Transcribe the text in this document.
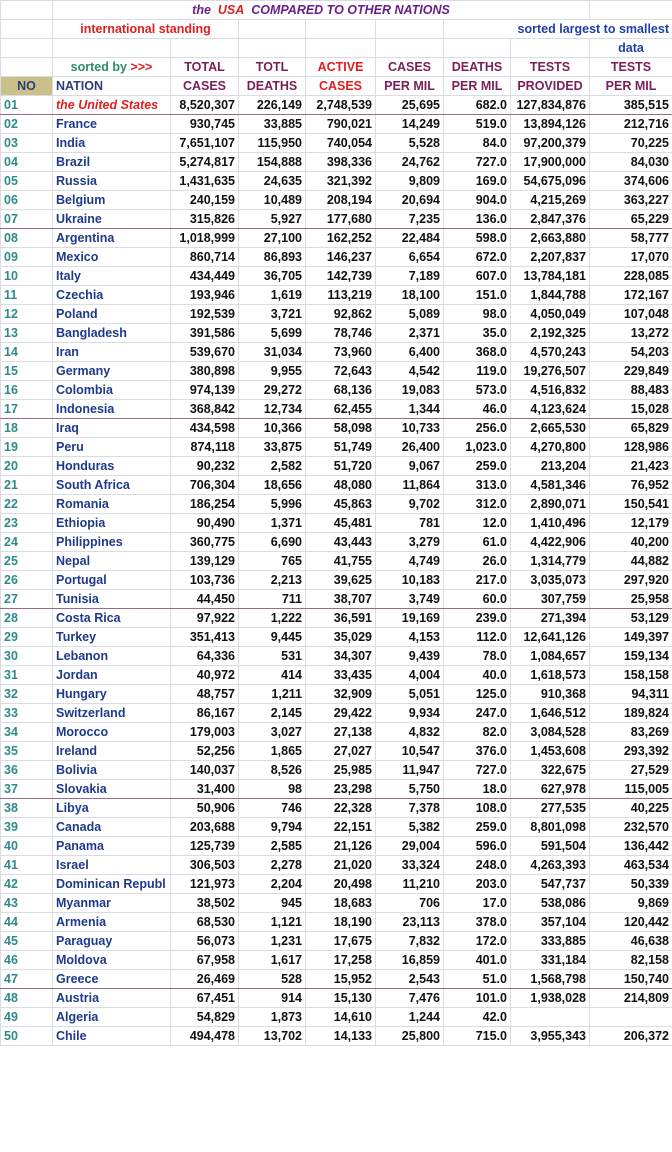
	the USA COMPARED TO OTHER NATIONS							
	international standing					sorted largest to smallest		
								data
	sorted by >>>	TOTAL	TOTL	ACTIVE	CASES	DEATHS	TESTS	TESTS
NO	NATION	CASES	DEATHS	CASES	PER MIL	PER MIL	PROVIDED	PER MIL
01	the United States	8,520,307	226,149	2,748,539	25,695	682.0	127,834,876	385,515
02	France	930,745	33,885	790,021	14,249	519.0	13,894,126	212,716
03	India	7,651,107	115,950	740,054	5,528	84.0	97,200,379	70,225
04	Brazil	5,274,817	154,888	398,336	24,762	727.0	17,900,000	84,030
05	Russia	1,431,635	24,635	321,392	9,809	169.0	54,675,096	374,606
06	Belgium	240,159	10,489	208,194	20,694	904.0	4,215,269	363,227
07	Ukraine	315,826	5,927	177,680	7,235	136.0	2,847,376	65,229
08	Argentina	1,018,999	27,100	162,252	22,484	598.0	2,663,880	58,777
09	Mexico	860,714	86,893	146,237	6,654	672.0	2,207,837	17,070
10	Italy	434,449	36,705	142,739	7,189	607.0	13,784,181	228,085
11	Czechia	193,946	1,619	113,219	18,100	151.0	1,844,788	172,167
12	Poland	192,539	3,721	92,862	5,089	98.0	4,050,049	107,048
13	Bangladesh	391,586	5,699	78,746	2,371	35.0	2,192,325	13,272
14	Iran	539,670	31,034	73,960	6,400	368.0	4,570,243	54,203
15	Germany	380,898	9,955	72,643	4,542	119.0	19,276,507	229,849
16	Colombia	974,139	29,272	68,136	19,083	573.0	4,516,832	88,483
17	Indonesia	368,842	12,734	62,455	1,344	46.0	4,123,624	15,028
18	Iraq	434,598	10,366	58,098	10,733	256.0	2,665,530	65,829
19	Peru	874,118	33,875	51,749	26,400	1,023.0	4,270,800	128,986
20	Honduras	90,232	2,582	51,720	9,067	259.0	213,204	21,423
21	South Africa	706,304	18,656	48,080	11,864	313.0	4,581,346	76,952
22	Romania	186,254	5,996	45,863	9,702	312.0	2,890,071	150,541
23	Ethiopia	90,490	1,371	45,481	781	12.0	1,410,496	12,179
24	Philippines	360,775	6,690	43,443	3,279	61.0	4,422,906	40,200
25	Nepal	139,129	765	41,755	4,749	26.0	1,314,779	44,882
26	Portugal	103,736	2,213	39,625	10,183	217.0	3,035,073	297,920
27	Tunisia	44,450	711	38,707	3,749	60.0	307,759	25,958
28	Costa Rica	97,922	1,222	36,591	19,169	239.0	271,394	53,129
29	Turkey	351,413	9,445	35,029	4,153	112.0	12,641,126	149,397
30	Lebanon	64,336	531	34,307	9,439	78.0	1,084,657	159,134
31	Jordan	40,972	414	33,435	4,004	40.0	1,618,573	158,158
32	Hungary	48,757	1,211	32,909	5,051	125.0	910,368	94,311
33	Switzerland	86,167	2,145	29,422	9,934	247.0	1,646,512	189,824
34	Morocco	179,003	3,027	27,138	4,832	82.0	3,084,528	83,269
35	Ireland	52,256	1,865	27,027	10,547	376.0	1,453,608	293,392
36	Bolivia	140,037	8,526	25,985	11,947	727.0	322,675	27,529
37	Slovakia	31,400	98	23,298	5,750	18.0	627,978	115,005
38	Libya	50,906	746	22,328	7,378	108.0	277,535	40,225
39	Canada	203,688	9,794	22,151	5,382	259.0	8,801,098	232,570
40	Panama	125,739	2,585	21,126	29,004	596.0	591,504	136,442
41	Israel	306,503	2,278	21,020	33,324	248.0	4,263,393	463,534
42	Dominican Republ	121,973	2,204	20,498	11,210	203.0	547,737	50,339
43	Myanmar	38,502	945	18,683	706	17.0	538,086	9,869
44	Armenia	68,530	1,121	18,190	23,113	378.0	357,104	120,442
45	Paraguay	56,073	1,231	17,675	7,832	172.0	333,885	46,638
46	Moldova	67,958	1,617	17,258	16,859	401.0	331,184	82,158
47	Greece	26,469	528	15,952	2,543	51.0	1,568,798	150,740
48	Austria	67,451	914	15,130	7,476	101.0	1,938,028	214,809
49	Algeria	54,829	1,873	14,610	1,244	42.0		
50	Chile	494,478	13,702	14,133	25,800	715.0	3,955,343	206,372
